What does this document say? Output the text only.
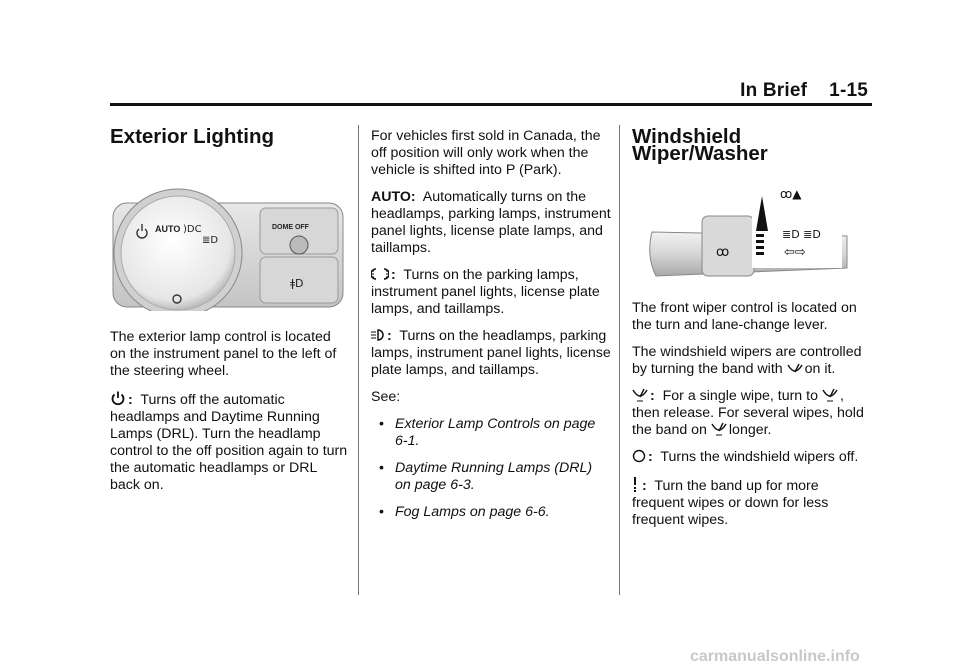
In Brief 1-15
Exterior Lighting
AUTO )DC
≣D
DOME OFF
ǂD

The exterior lamp control is located on the instrument panel to the left of the steering wheel.

: Turns off the automatic headlamps and Daytime Running Lamps (DRL). Turn the headlamp control to the off position again to turn the automatic headlamps or DRL back on.

For vehicles first sold in Canada, the off position will only work when the vehicle is shifted into P (Park).

AUTO: Automatically turns on the headlamps, parking lamps, instrument panel lights, license plate lamps, and taillamps.

: Turns on the parking lamps, instrument panel lights, license plate lamps, and taillamps.

: Turns on the headlamps, parking lamps, instrument panel lights, license plate lamps, and taillamps.

See:

• Exterior Lamp Controls on page 6-1.
• Daytime Running Lamps (DRL) on page 6-3.
• Fog Lamps on page 6-6.
Windshield Wiper/Washer
ꝏ▲
≣D ≣D
⇦⇨
ꝏ

The front wiper control is located on the turn and lane-change lever.

The windshield wipers are controlled by turning the band with on it.

: For a single wipe, turn to , then release. For several wipes, hold the band on longer.

: Turns the windshield wipers off.

: Turn the band up for more frequent wipes or down for less frequent wipes.

carmanualsonline.info
